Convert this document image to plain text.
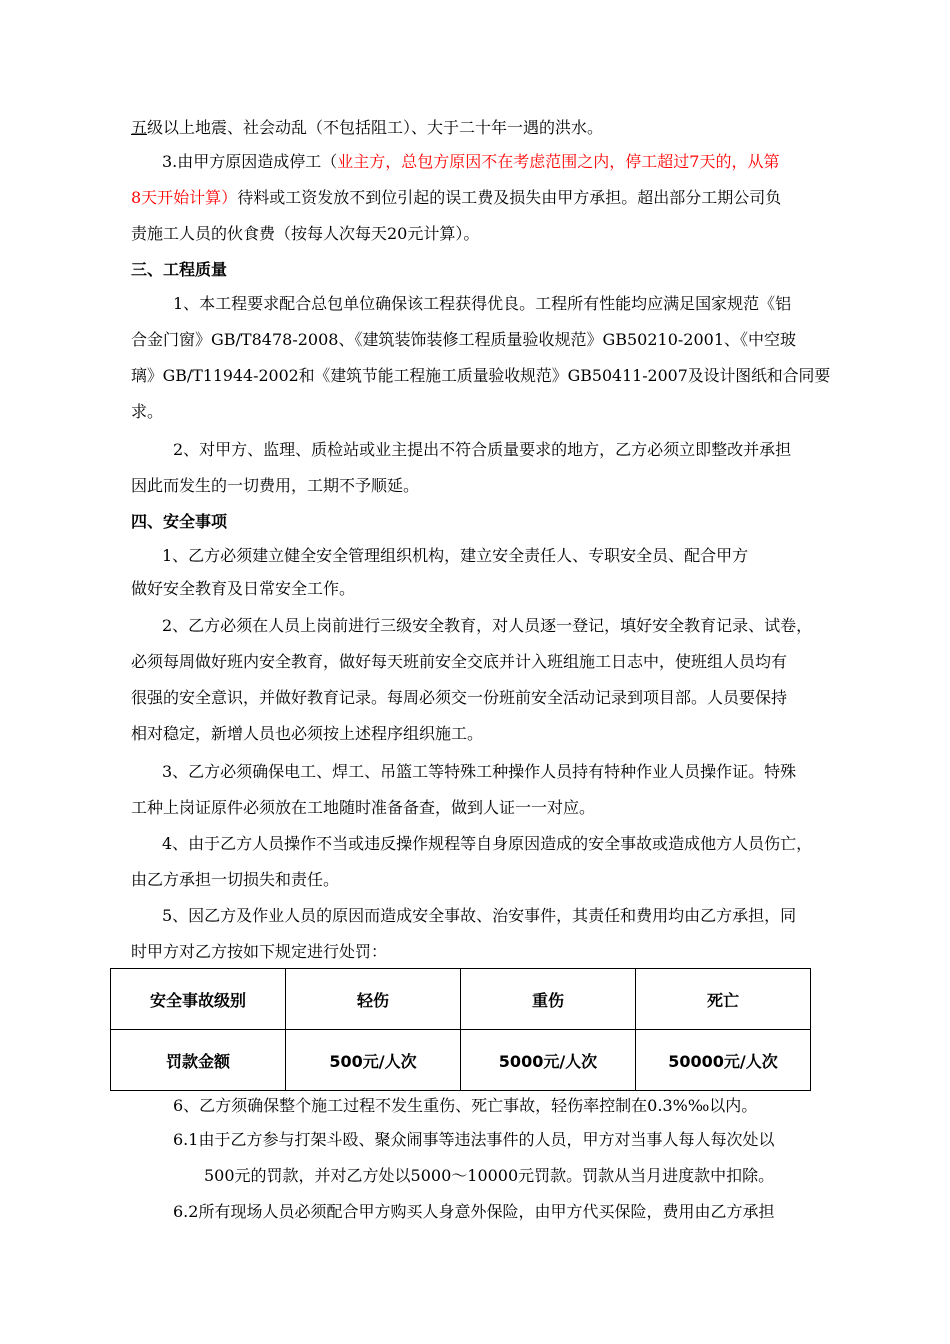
五级以上地震、社会动乱（不包括阻工）、大于二十年一遇的洪水。
3.由甲方原因造成停工（业主方，总包方原因不在考虑范围之内，停工超过7天的，从第
8天开始计算）待料或工资发放不到位引起的误工费及损失由甲方承担。超出部分工期公司负
责施工人员的伙食费（按每人次每天20元计算）。
三、工程质量
1、本工程要求配合总包单位确保该工程获得优良。工程所有性能均应满足国家规范《铝
合金门窗》GB/T8478-2008、《建筑装饰装修工程质量验收规范》GB50210-2001、《中空玻
璃》GB/T11944-2002和《建筑节能工程施工质量验收规范》GB50411-2007及设计图纸和合同要
求。
2、对甲方、监理、质检站或业主提出不符合质量要求的地方，乙方必须立即整改并承担
因此而发生的一切费用，工期不予顺延。
四、安全事项
1、乙方必须建立健全安全管理组织机构，建立安全责任人、专职安全员、配合甲方
做好安全教育及日常安全工作。
2、乙方必须在人员上岗前进行三级安全教育，对人员逐一登记，填好安全教育记录、试卷，
必须每周做好班内安全教育，做好每天班前安全交底并计入班组施工日志中，使班组人员均有
很强的安全意识，并做好教育记录。每周必须交一份班前安全活动记录到项目部。人员要保持
相对稳定，新增人员也必须按上述程序组织施工。
3、乙方必须确保电工、焊工、吊篮工等特殊工种操作人员持有特种作业人员操作证。特殊
工种上岗证原件必须放在工地随时准备备查，做到人证一一对应。
4、由于乙方人员操作不当或违反操作规程等自身原因造成的安全事故或造成他方人员伤亡，
由乙方承担一切损失和责任。
5、因乙方及作业人员的原因而造成安全事故、治安事件，其责任和费用均由乙方承担，同
时甲方对乙方按如下规定进行处罚：
安全事故级别	轻伤	重伤	死亡
罚款金额	500元/人次	5000元/人次	50000元/人次
6、乙方须确保整个施工过程不发生重伤、死亡事故，轻伤率控制在0.3%‰以内。
6.1由于乙方参与打架斗殴、聚众闹事等违法事件的人员，甲方对当事人每人每次处以
500元的罚款，并对乙方处以5000～10000元罚款。罚款从当月进度款中扣除。
6.2所有现场人员必须配合甲方购买人身意外保险，由甲方代买保险，费用由乙方承担
